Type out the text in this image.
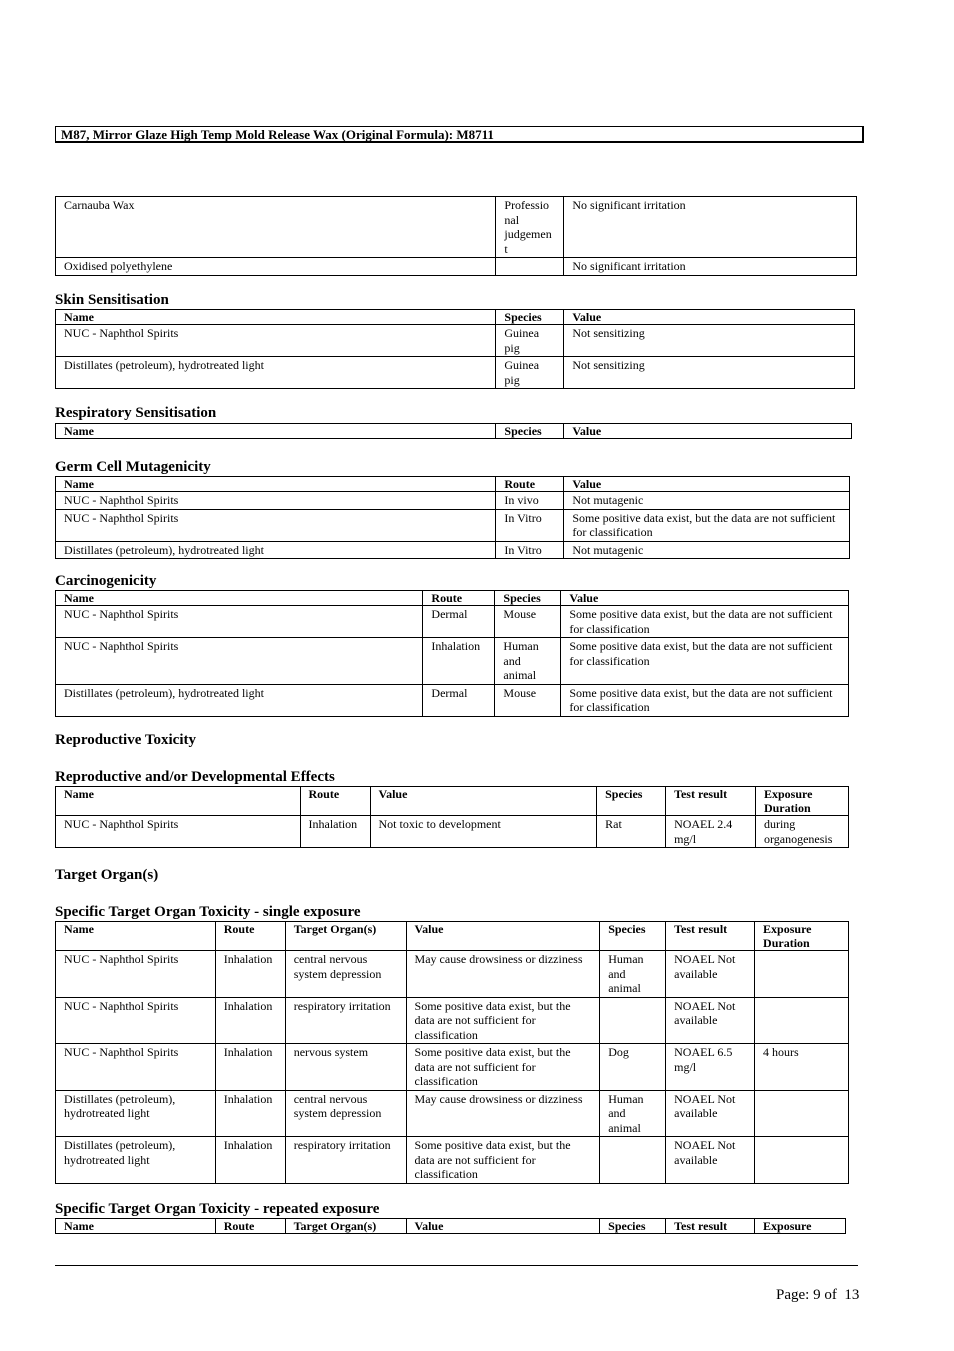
M87, Mirror Glaze High Temp Mold Release Wax (Original Formula): M8711
Carnauba Wax	Professio
nal
judgemen
t	No significant irritation
Oxidised polyethylene		No significant irritation
Skin Sensitisation
Name	Species	Value
NUC - Naphthol Spirits	Guinea
pig	Not sensitizing
Distillates (petroleum), hydrotreated light	Guinea
pig	Not sensitizing
Respiratory Sensitisation
Name	Species	Value
Germ Cell Mutagenicity
Name	Route	Value
NUC - Naphthol Spirits	In vivo	Not mutagenic
NUC - Naphthol Spirits	In Vitro	Some positive data exist, but the data are not sufficient for classification
Distillates (petroleum), hydrotreated light	In Vitro	Not mutagenic
Carcinogenicity
Name	Route	Species	Value
NUC - Naphthol Spirits	Dermal	Mouse	Some positive data exist, but the data are not sufficient for classification
NUC - Naphthol Spirits	Inhalation	Human
and
animal	Some positive data exist, but the data are not sufficient for classification
Distillates (petroleum), hydrotreated light	Dermal	Mouse	Some positive data exist, but the data are not sufficient for classification
Reproductive Toxicity
Reproductive and/or Developmental Effects
Name	Route	Value	Species	Test result	Exposure Duration
NUC - Naphthol Spirits	Inhalation	Not toxic to development	Rat	NOAEL 2.4 mg/l	during organogenesis
Target Organ(s)
Specific Target Organ Toxicity - single exposure
Name	Route	Target Organ(s)	Value	Species	Test result	Exposure Duration
NUC - Naphthol Spirits	Inhalation	central nervous system depression	May cause drowsiness or dizziness	Human
and
animal	NOAEL Not available	
NUC - Naphthol Spirits	Inhalation	respiratory irritation	Some positive data exist, but the data are not sufficient for classification		NOAEL Not available	
NUC - Naphthol Spirits	Inhalation	nervous system	Some positive data exist, but the data are not sufficient for classification	Dog	NOAEL 6.5 mg/l	4 hours
Distillates (petroleum), hydrotreated light	Inhalation	central nervous system depression	May cause drowsiness or dizziness	Human
and
animal	NOAEL Not available	
Distillates (petroleum), hydrotreated light	Inhalation	respiratory irritation	Some positive data exist, but the data are not sufficient for classification		NOAEL Not available	
Specific Target Organ Toxicity - repeated exposure
Name	Route	Target Organ(s)	Value	Species	Test result	Exposure
Page: 9 of  13
